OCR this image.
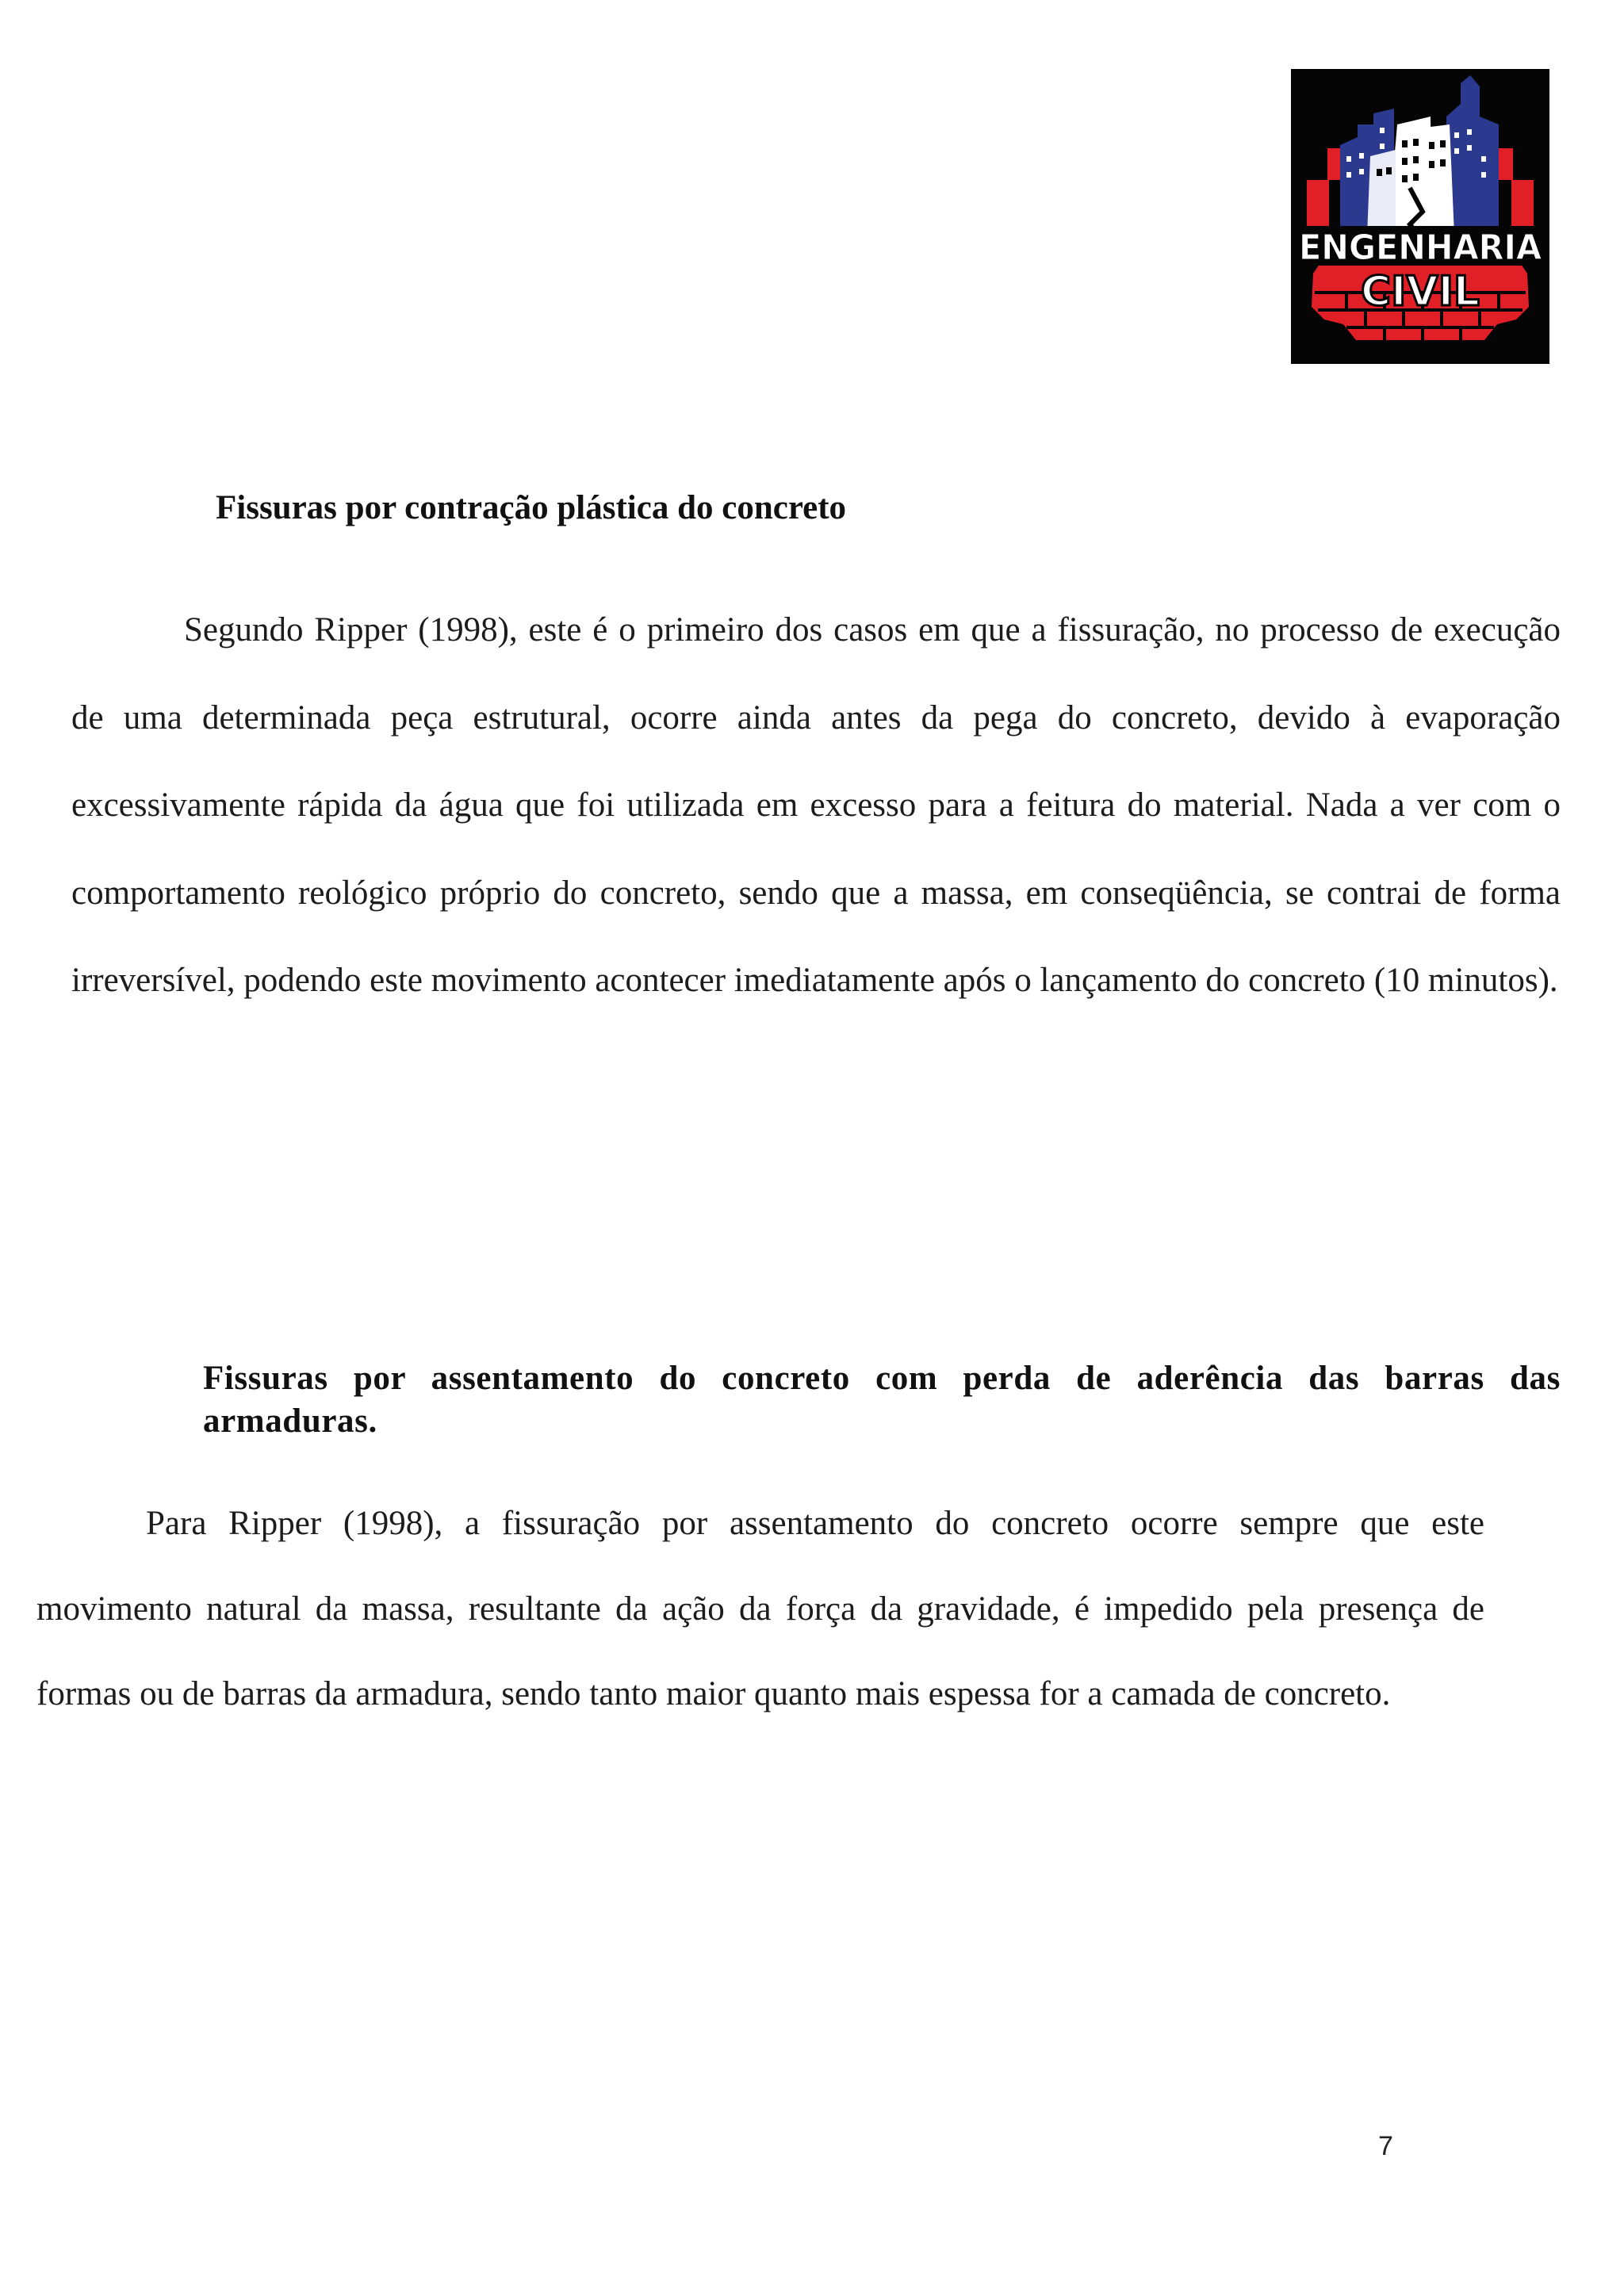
ENGENHARIA
CIVIL
Fissuras por contração plástica do concreto

Segundo Ripper (1998), este é o primeiro dos casos em que a fissuração, no processo de execução de uma determinada peça estrutural, ocorre ainda antes da pega do concreto, devido à evaporação excessivamente rápida da água que foi utilizada em excesso para a feitura do material. Nada a ver com o comportamento reológico próprio do concreto, sendo que a massa, em conseqüência, se contrai de forma irreversível, podendo este movimento acontecer imediatamente após o lançamento do concreto (10 minutos).

Fissuras por assentamento do concreto com perda de aderência das barras das armaduras.

Para Ripper (1998), a fissuração por assentamento do concreto ocorre sempre que este movimento natural da massa, resultante da ação da força da gravidade, é impedido pela presença de formas ou de barras da armadura, sendo tanto maior quanto mais espessa for a camada de concreto.

7
